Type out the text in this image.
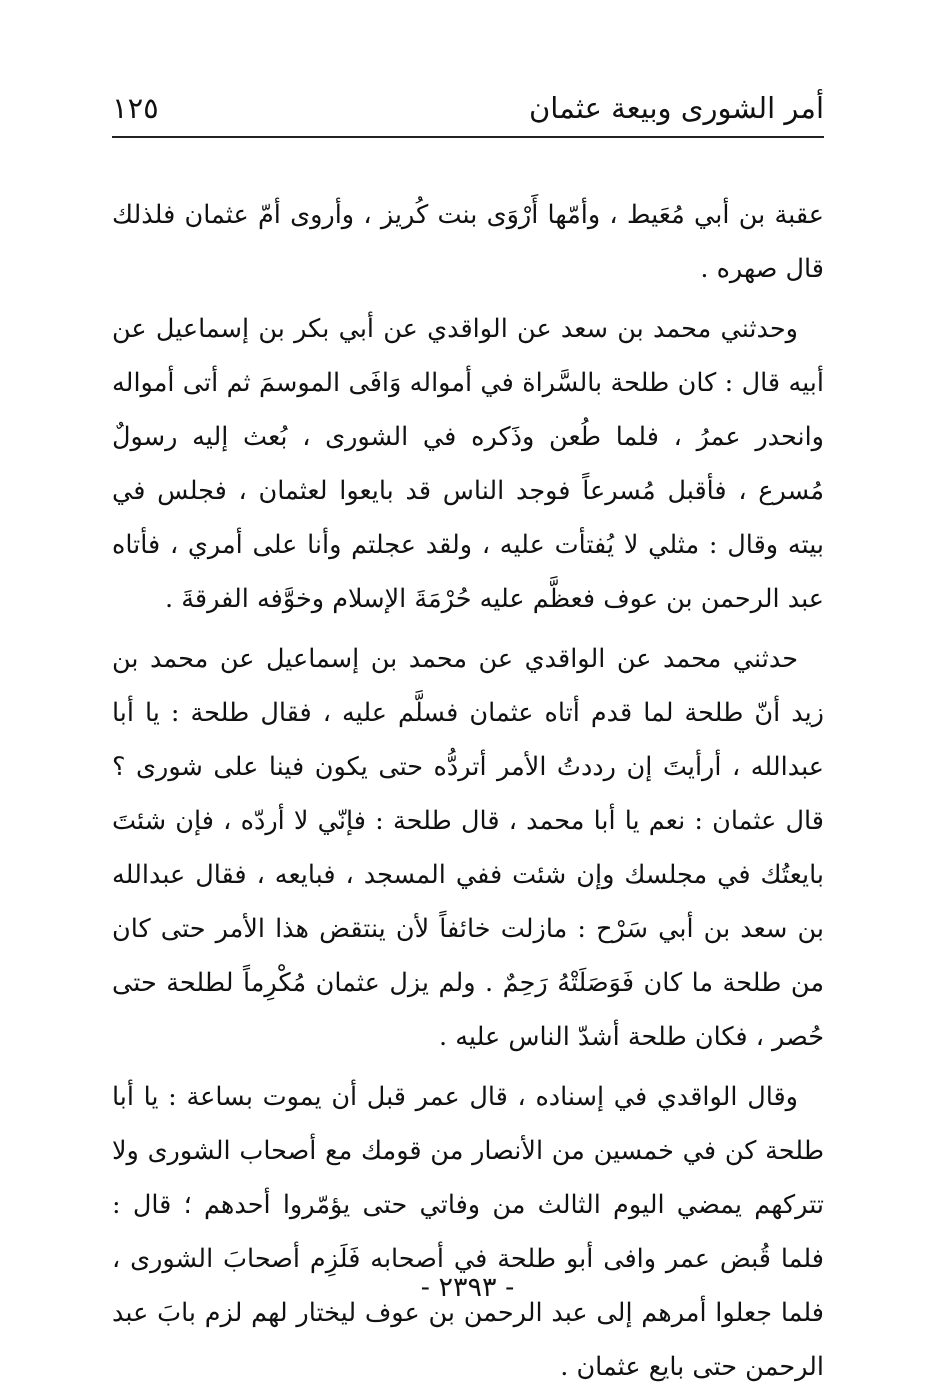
أمر الشورى وبيعة عثمان
١٢٥

عقبة بن أبي مُعَيط ، وأمّها أَرْوَى بنت كُريز ، وأروى أمّ عثمان فلذلك قال صهره .

وحدثني محمد بن سعد عن الواقدي عن أبي بكر بن إسماعيل عن أبيه قال : كان طلحة بالسَّراة في أمواله وَافَى الموسمَ ثم أتى أمواله وانحدر عمرُ ، فلما طُعن وذَكره في الشورى ، بُعث إليه رسولٌ مُسرع ، فأقبل مُسرعاً فوجد الناس قد بايعوا لعثمان ، فجلس في بيته وقال : مثلي لا يُفتأت عليه ، ولقد عجلتم وأنا على أمري ، فأتاه عبد الرحمن بن عوف فعظَّم عليه حُرْمَةَ الإسلام وخوَّفه الفرقةَ .

حدثني محمد عن الواقدي عن محمد بن إسماعيل عن محمد بن زيد أنّ طلحة لما قدم أتاه عثمان فسلَّم عليه ، فقال طلحة : يا أبا عبدالله ، أرأيتَ إن رددتُ الأمر أتردُّه حتى يكون فينا على شورى ؟ قال عثمان : نعم يا أبا محمد ، قال طلحة : فإنّي لا أردّه ، فإن شئتَ بايعتُك في مجلسك وإن شئت ففي المسجد ، فبايعه ، فقال عبدالله بن سعد بن أبي سَرْح : مازلت خائفاً لأن ينتقض هذا الأمر حتى كان من طلحة ما كان فَوَصَلَتْهُ رَحِمٌ . ولم يزل عثمان مُكْرِماً لطلحة حتى حُصر ، فكان طلحة أشدّ الناس عليه .

وقال الواقدي في إسناده ، قال عمر قبل أن يموت بساعة : يا أبا طلحة كن في خمسين من الأنصار من قومك مع أصحاب الشورى ولا تتركهم يمضي اليوم الثالث من وفاتي حتى يؤمّروا أحدهم ؛ قال : فلما قُبض عمر وافى أبو طلحة في أصحابه فَلَزِم أصحابَ الشورى ، فلما جعلوا أمرهم إلى عبد الرحمن بن عوف ليختار لهم لزم بابَ عبد الرحمن حتى بايع عثمان .

- ٢٣٩٣ -
